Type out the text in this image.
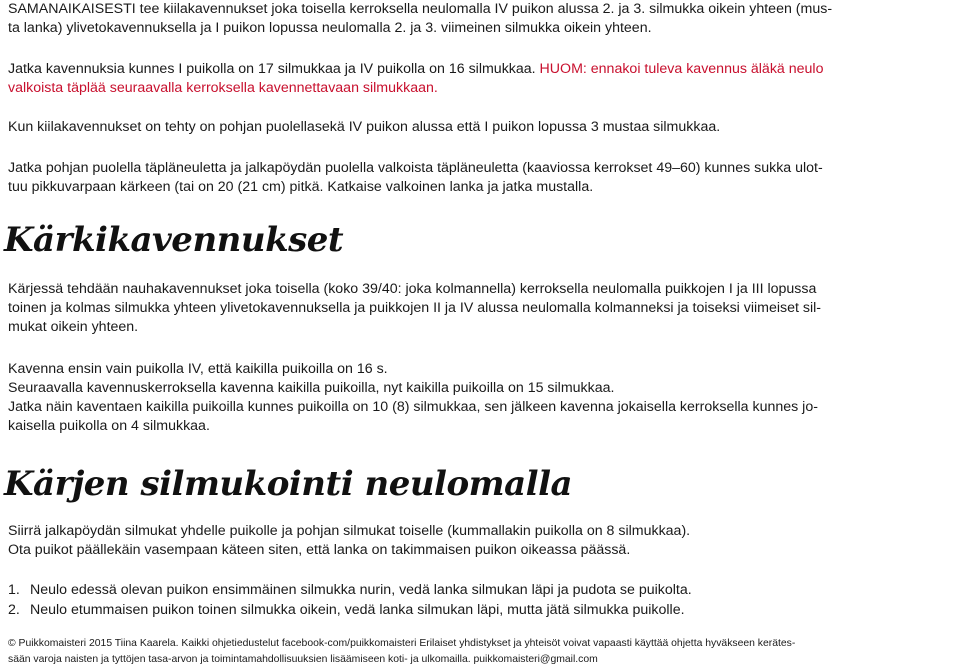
SAMANAIKAISESTI tee kiilakavennukset joka toisella kerroksella neulomalla IV puikon alussa 2. ja 3. silmukka oikein yhteen (mus-
ta lanka) ylivetokavennuksella ja I puikon lopussa neulomalla 2. ja 3. viimeinen silmukka oikein yhteen.

Jatka kavennuksia kunnes I puikolla on 17 silmukkaa ja IV puikolla on 16 silmukkaa. HUOM: ennakoi tuleva kavennus äläkä neulo
valkoista täplää seuraavalla kerroksella kavennettavaan silmukkaan.

Kun kiilakavennukset on tehty on pohjan puolellasekä IV puikon alussa että I puikon lopussa 3 mustaa silmukkaa.

Jatka pohjan puolella täpläneuletta ja jalkapöydän puolella valkoista täpläneuletta (kaaviossa kerrokset 49–60) kunnes sukka ulot-
tuu pikkuvarpaan kärkeen (tai on 20 (21 cm) pitkä. Katkaise valkoinen lanka ja jatka mustalla.

Kärkikavennukset

Kärjessä tehdään nauhakavennukset joka toisella (koko 39/40: joka kolmannella) kerroksella neulomalla puikkojen I ja III lopussa
toinen ja kolmas silmukka yhteen ylivetokavennuksella ja puikkojen II ja IV alussa neulomalla kolmanneksi ja toiseksi viimeiset sil-
mukat oikein yhteen.

Kavenna ensin vain puikolla IV, että kaikilla puikoilla on 16 s.
Seuraavalla kavennuskerroksella kavenna kaikilla puikoilla, nyt kaikilla puikoilla on 15 silmukkaa.
Jatka näin kaventaen kaikilla puikoilla kunnes puikoilla on 10 (8) silmukkaa, sen jälkeen kavenna jokaisella kerroksella kunnes jo-
kaisella puikolla on 4 silmukkaa.

Kärjen silmukointi neulomalla

Siirrä jalkapöydän silmukat yhdelle puikolle ja pohjan silmukat toiselle (kummallakin puikolla on 8 silmukkaa).
Ota puikot päällekäin vasempaan käteen siten, että lanka on takimmaisen puikon oikeassa päässä.

1. Neulo edessä olevan puikon ensimmäinen silmukka nurin, vedä lanka silmukan läpi ja pudota se puikolta.
2. Neulo etummaisen puikon toinen silmukka oikein, vedä lanka silmukan läpi, mutta jätä silmukka puikolle.
© Puikkomaisteri 2015 Tiina Kaarela. Kaikki ohjetiedustelut facebook-com/puikkomaisteri Erilaiset yhdistykset ja yhteisöt voivat vapaasti käyttää ohjetta hyväkseen kerätes-
sään varoja naisten ja tyttöjen tasa-arvon ja toimintamahdollisuuksien lisäämiseen koti- ja ulkomailla. puikkomaisteri@gmail.com
